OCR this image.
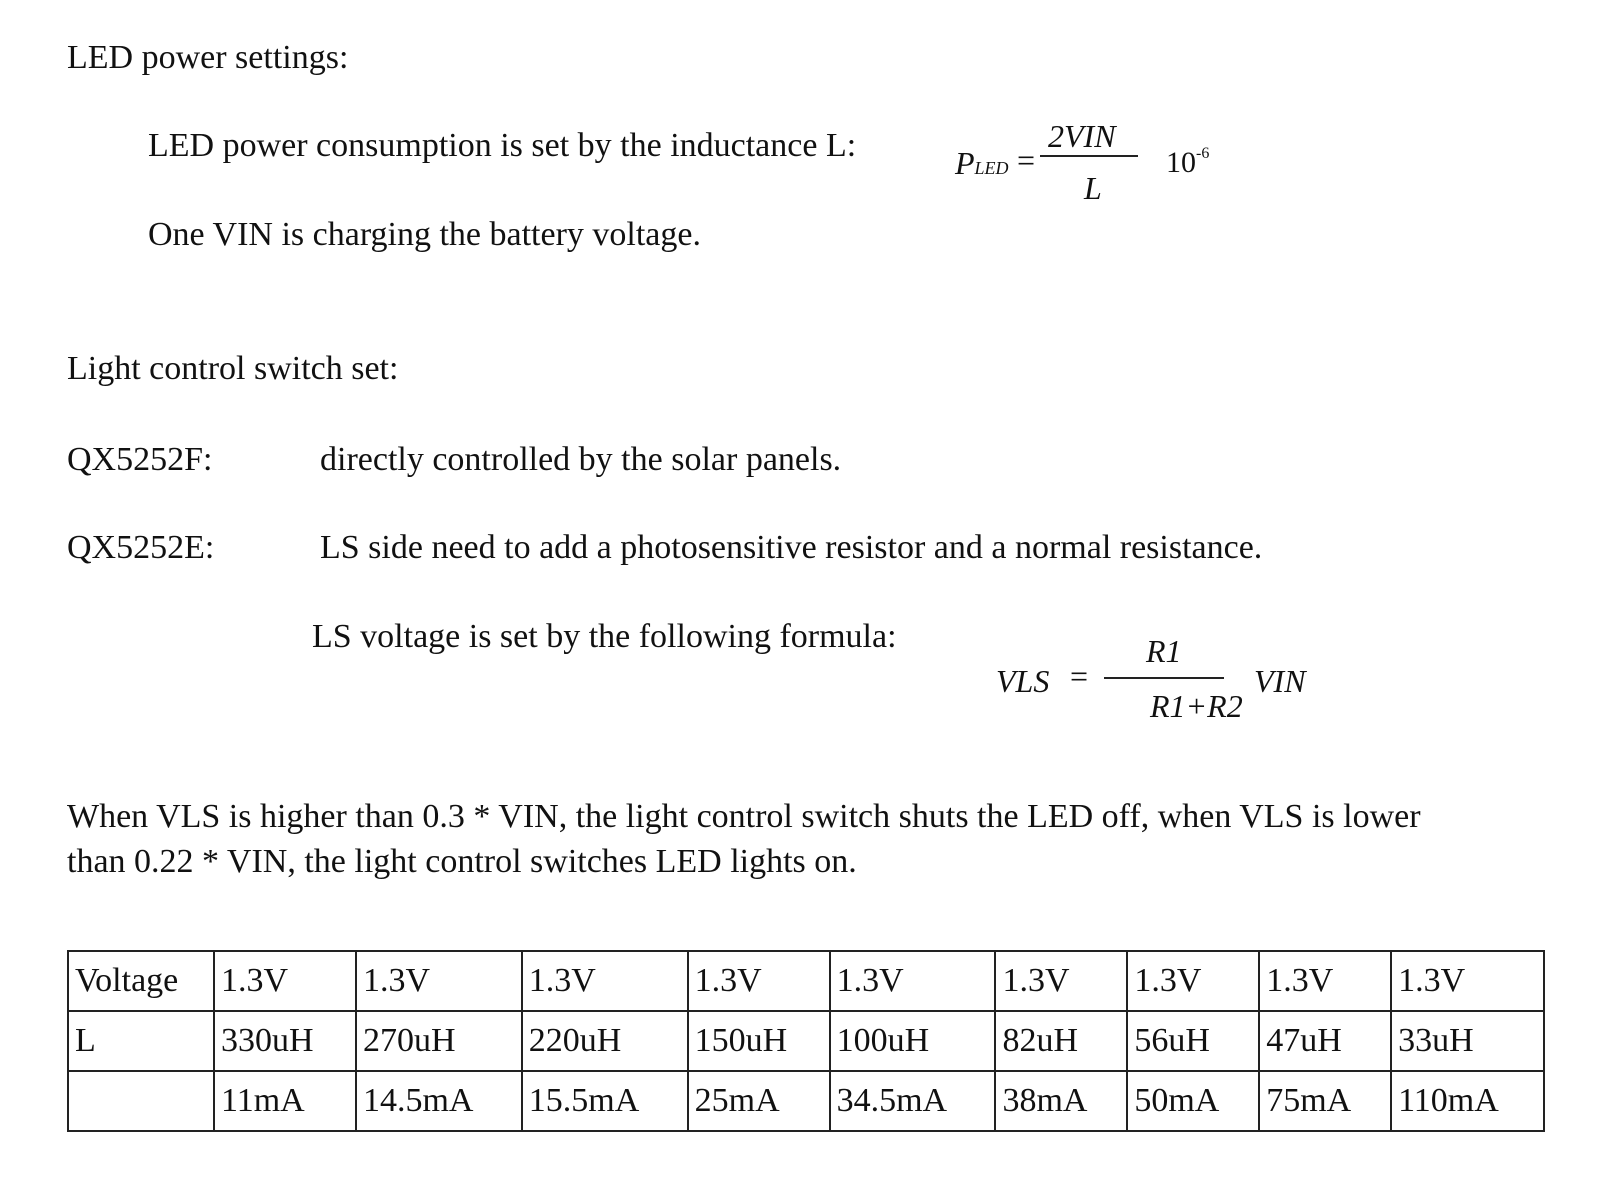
LED power settings:
LED power consumption is set by the inductance L:
One VIN is charging the battery voltage.
PLED =
2VIN
L
$10^{-6}$
Light control switch set:
QX5252F:	directly controlled by the solar panels.
QX5252E:	LS side need to add a photosensitive resistor and a normal resistance.
LS voltage is set by the following formula:
VLS =
R1
R1+R2
VIN
When VLS is higher than 0.3 * VIN, the light control switch shuts the LED off, when VLS is lower
than 0.22 * VIN, the light control switches LED lights on.
Voltage	1.3V	1.3V	1.3V	1.3V	1.3V	1.3V	1.3V	1.3V	1.3V
L	330uH	270uH	220uH	150uH	100uH	82uH	56uH	47uH	33uH
	11mA	14.5mA	15.5mA	25mA	34.5mA	38mA	50mA	75mA	110mA
